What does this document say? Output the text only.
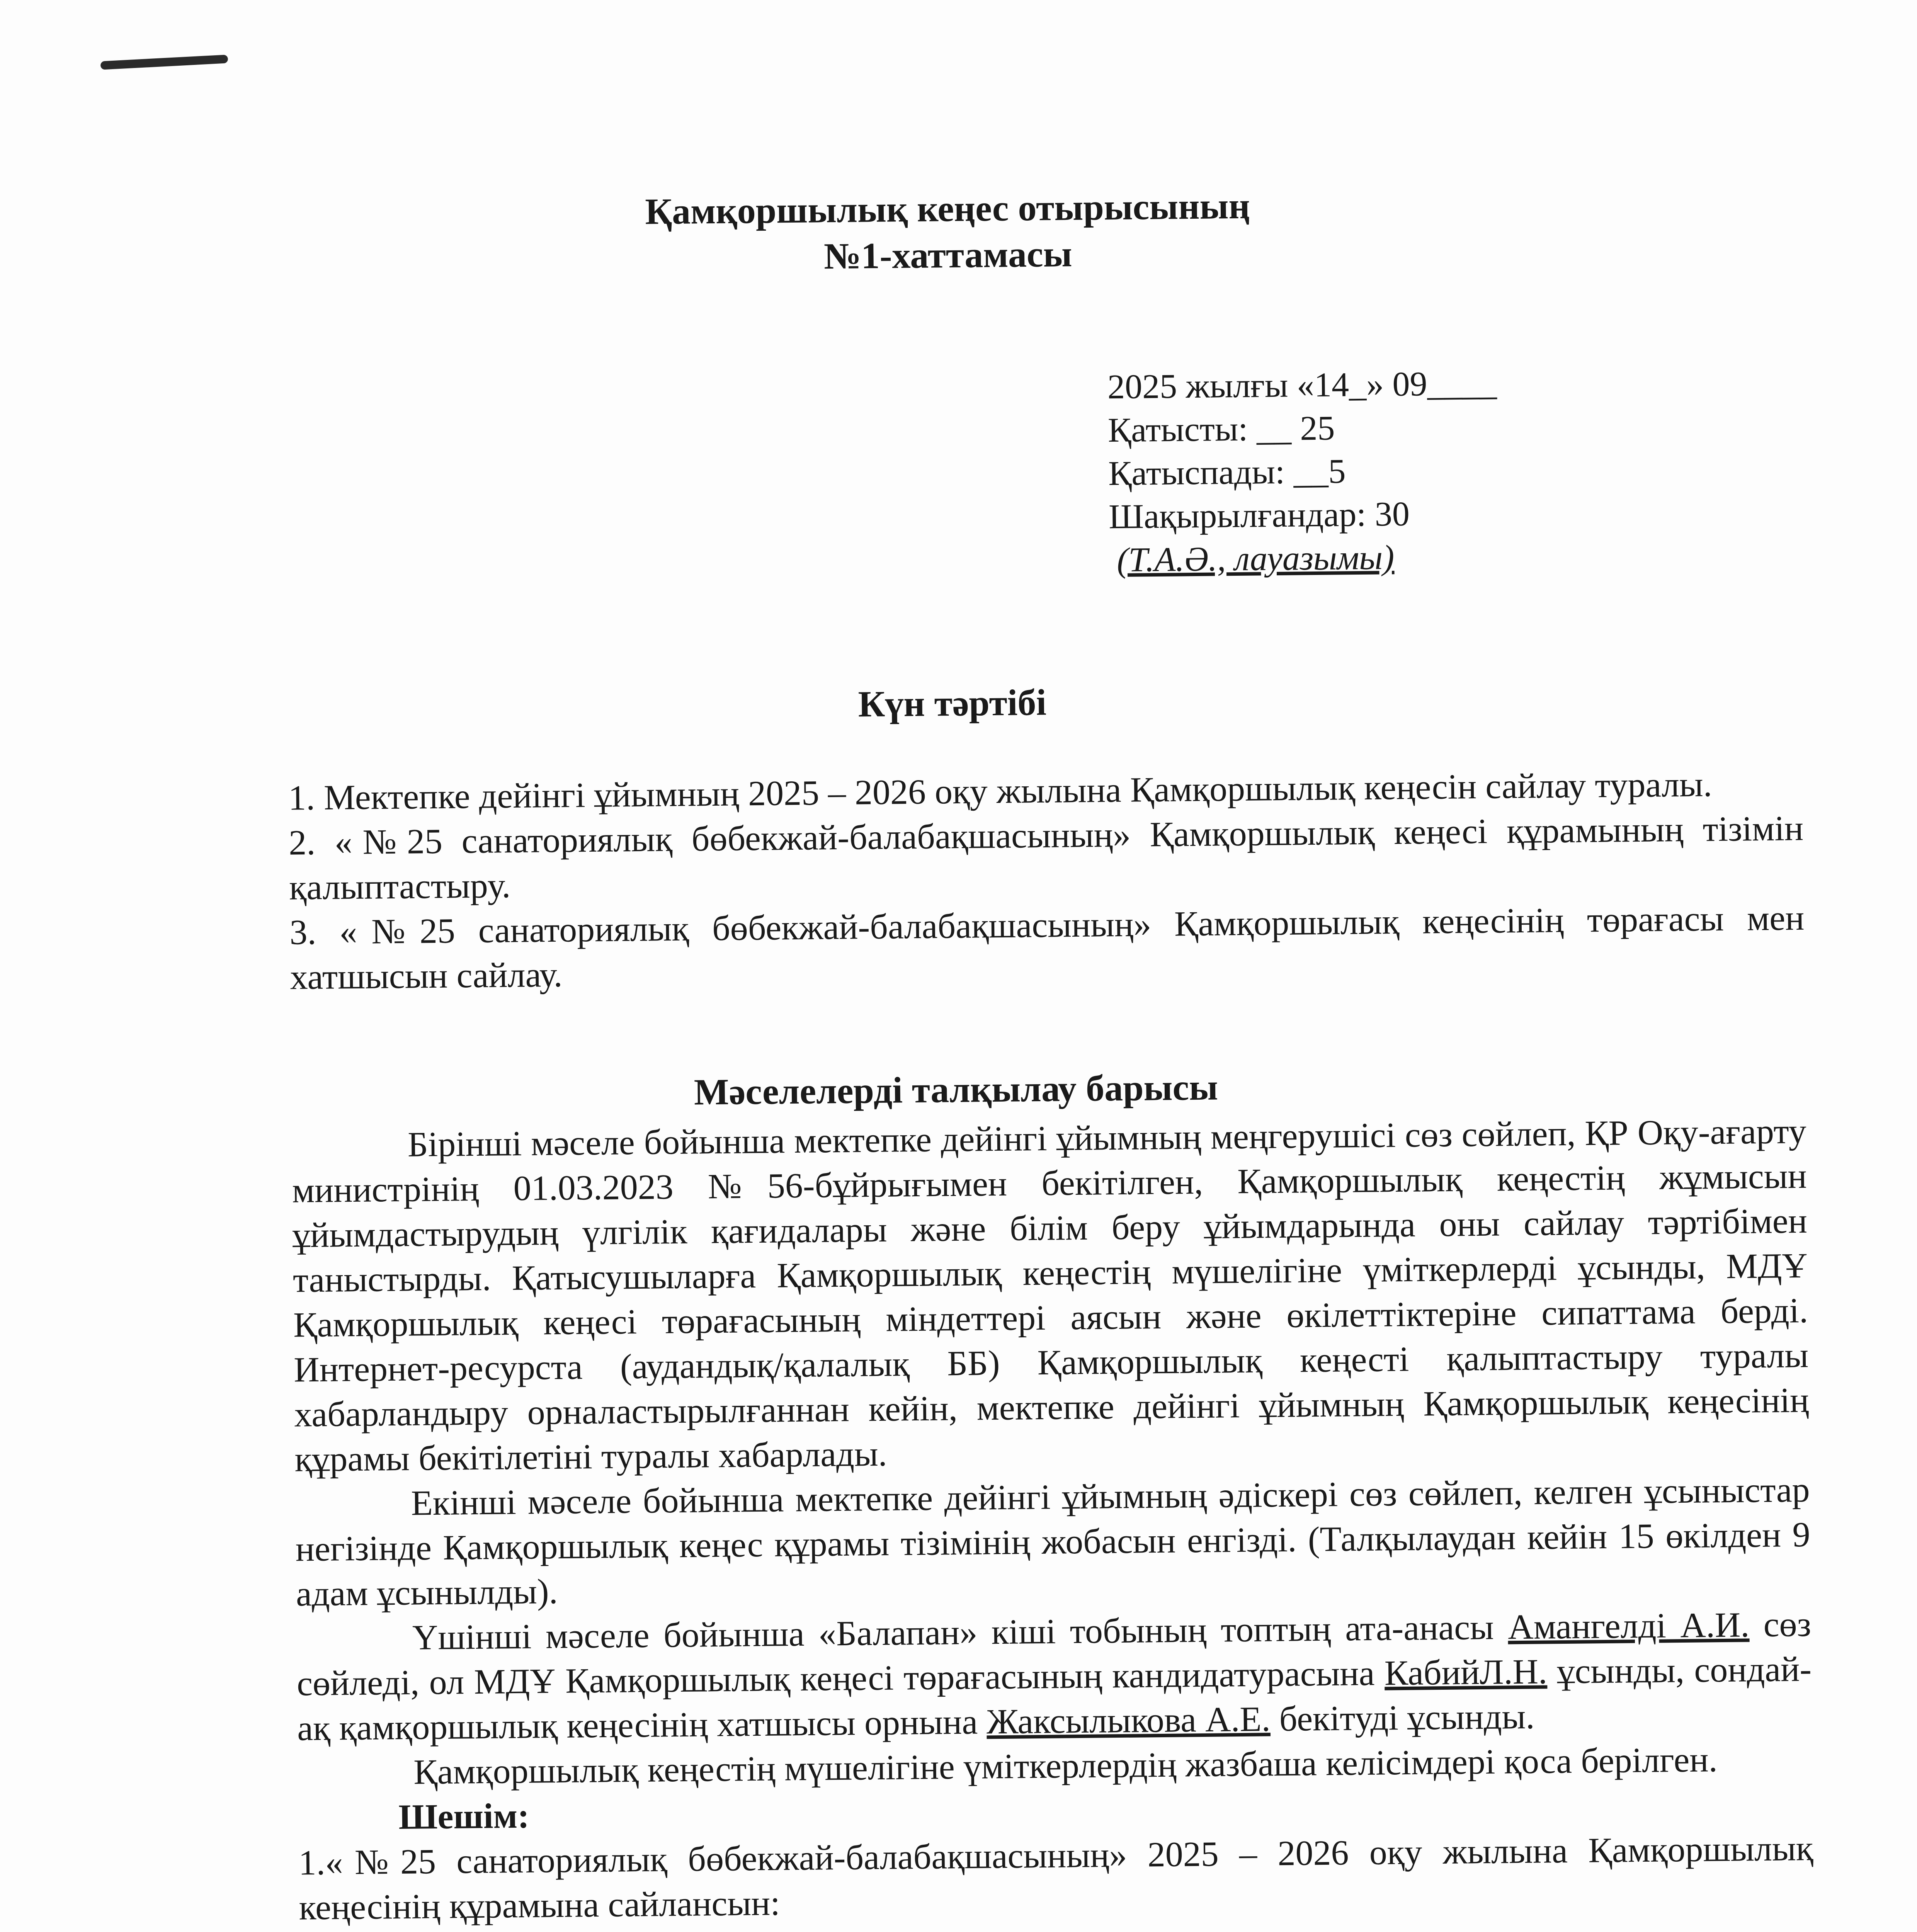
Қамқоршылық кеңес отырысының
№1-хаттамасы
2025 жылғы «14_» 09____
Қатысты: __ 25
Қатыспады: __5
Шақырылғандар: 30
(Т.А.Ә., лауазымы)
Күн тәртібі

1. Мектепке дейінгі ұйымның 2025 – 2026 оқу жылына Қамқоршылық кеңесін сайлау туралы.

2. «№25 санаториялық бөбекжай-балабақшасының» Қамқоршылық кеңесі құрамының тізімін қалыптастыру.

3. «№25 санаториялық бөбекжай-балабақшасының» Қамқоршылық кеңесінің төрағасы мен хатшысын сайлау.

Мәселелерді талқылау барысы

Бірінші мәселе бойынша мектепке дейінгі ұйымның меңгерушісі сөз сөйлеп, ҚР Оқу-ағарту министрінің 01.03.2023 №56-бұйрығымен бекітілген, Қамқоршылық кеңестің жұмысын ұйымдастырудың үлгілік қағидалары және білім беру ұйымдарында оны сайлау тәртібімен таныстырды. Қатысушыларға Қамқоршылық кеңестің мүшелігіне үміткерлерді ұсынды, МДҰ Қамқоршылық кеңесі төрағасының міндеттері аясын және өкілеттіктеріне сипаттама берді. Интернет-ресурста (аудандық/қалалық ББ) Қамқоршылық кеңесті қалыптастыру туралы хабарландыру орналастырылғаннан кейін, мектепке дейінгі ұйымның Қамқоршылық кеңесінің құрамы бекітілетіні туралы хабарлады.

Екінші мәселе бойынша мектепке дейінгі ұйымның әдіскері сөз сөйлеп, келген ұсыныстар негізінде Қамқоршылық кеңес құрамы тізімінің жобасын енгізді. (Талқылаудан кейін 15 өкілден 9 адам ұсынылды).

Үшінші мәселе бойынша «Балапан» кіші тобының топтың ата-анасы Амангелді А.И. сөз сөйледі, ол МДҰ Қамқоршылық кеңесі төрағасының кандидатурасына КабийЛ.Н. ұсынды, сондай-ақ қамқоршылық кеңесінің хатшысы орнына Жаксылыкова А.Е. бекітуді ұсынды.

Қамқоршылық кеңестің мүшелігіне үміткерлердің жазбаша келісімдері қоса берілген.

Шешім:

1.«№25 санаториялық бөбекжай-балабақшасының» 2025 – 2026 оқу жылына Қамқоршылық кеңесінің құрамына сайлансын:
